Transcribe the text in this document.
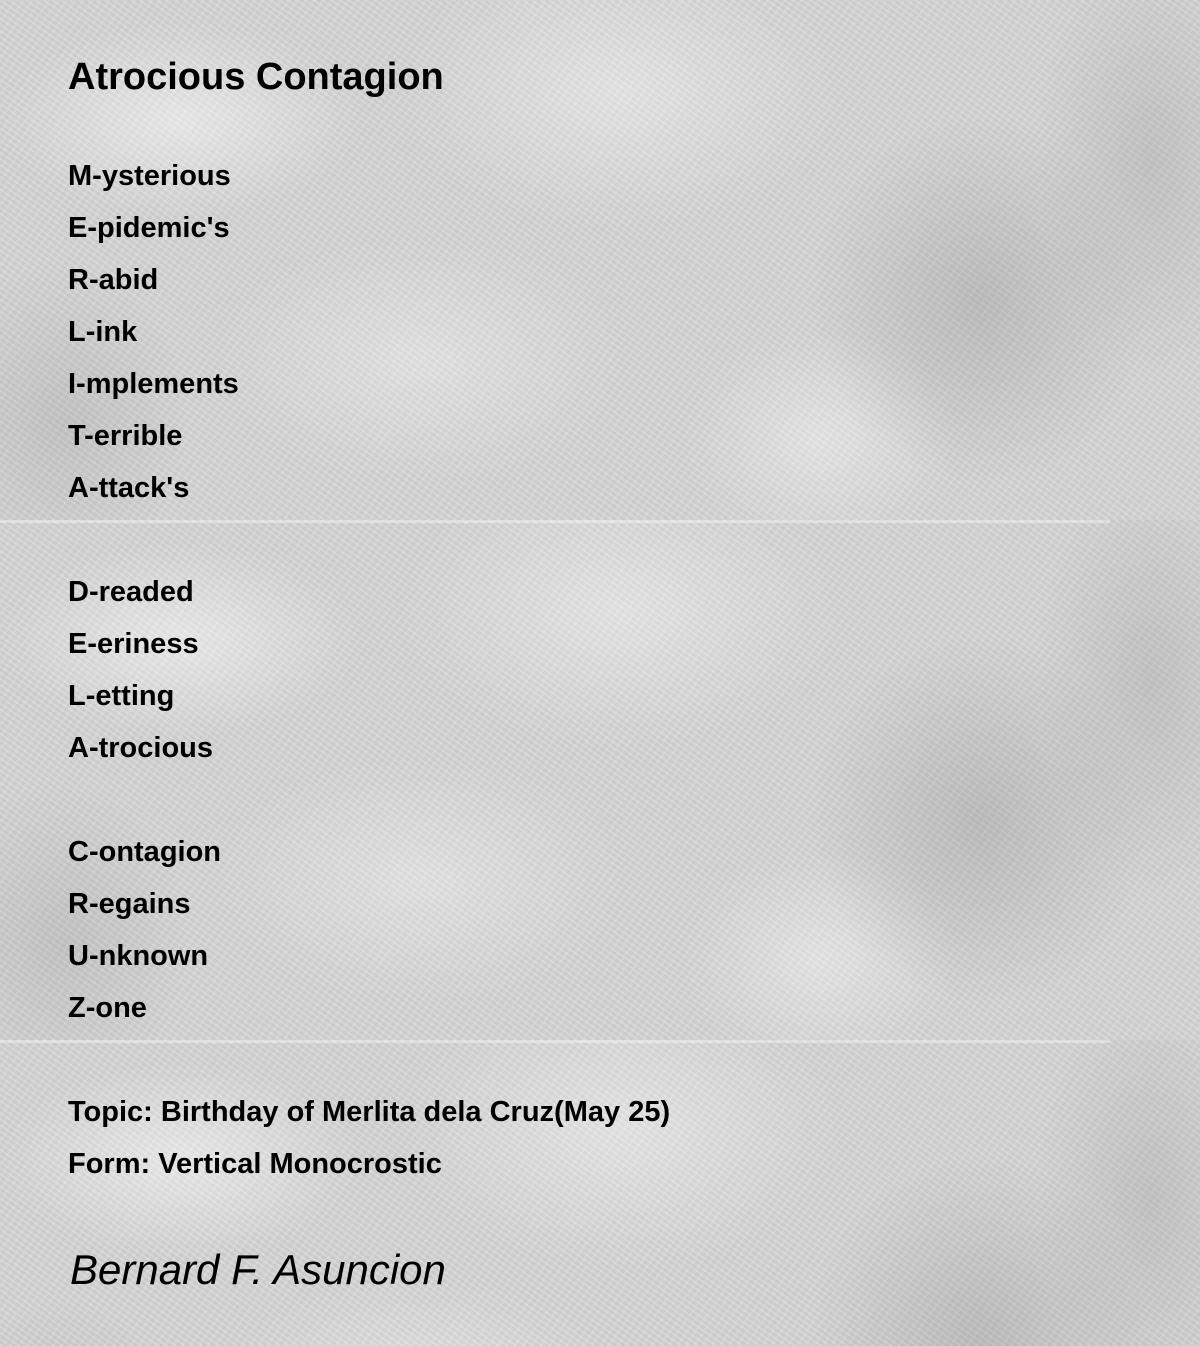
Atrocious Contagion
M-ysterious
E-pidemic's
R-abid
L-ink
I-mplements
T-errible
A-ttack's
D-readed
E-eriness
L-etting
A-trocious
C-ontagion
R-egains
U-nknown
Z-one
Topic: Birthday of Merlita dela Cruz(May 25)
Form: Vertical Monocrostic
Bernard F. Asuncion
